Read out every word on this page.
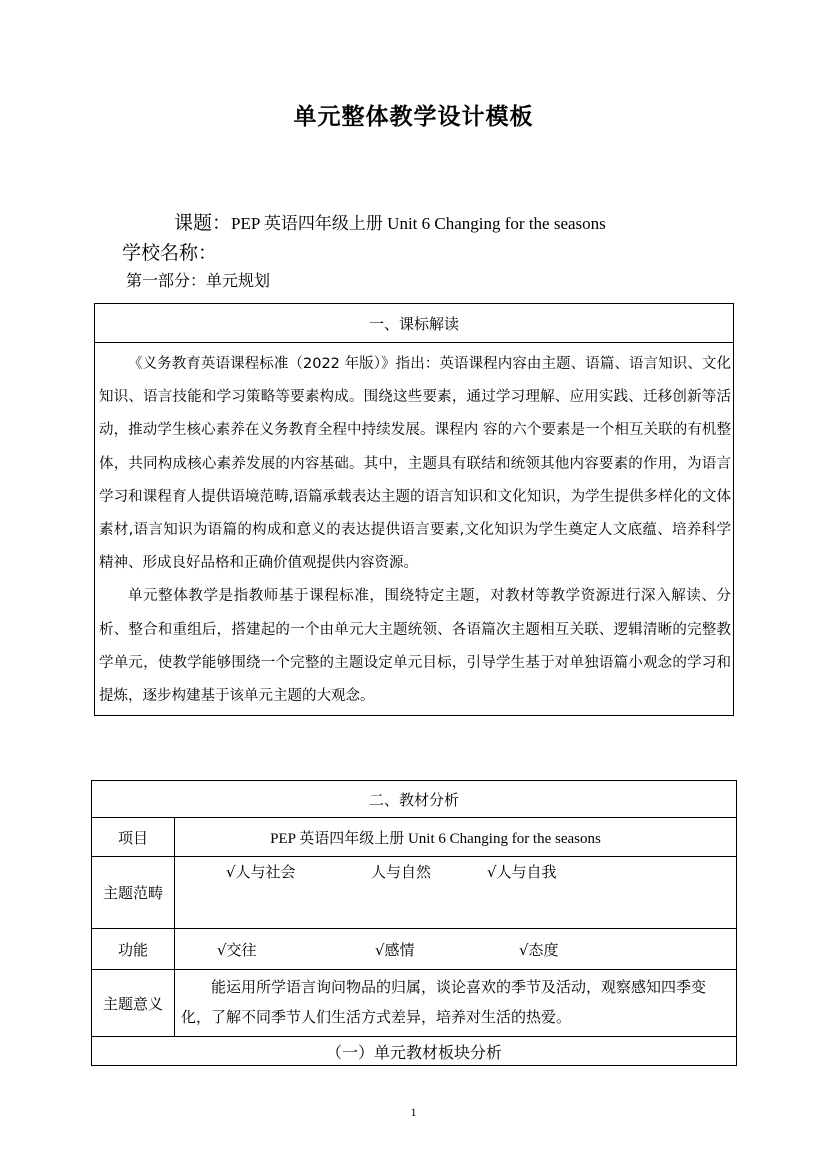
单元整体教学设计模板
课题：PEP 英语四年级上册 Unit 6 Changing for the seasons
学校名称：
第一部分：单元规划
一、课标解读

《义务教育英语课程标准（2022 年版）》指出：英语课程内容由主题、语篇、语言知识、文化知识、语言技能和学习策略等要素构成。围绕这些要素，通过学习理解、应用实践、迁移创新等活动，推动学生核心素养在义务教育全程中持续发展。课程内 容的六个要素是一个相互关联的有机整体，共同构成核心素养发展的内容基础。其中，主题具有联结和统领其他内容要素的作用，为语言学习和课程育人提供语境范畴,语篇承载表达主题的语言知识和文化知识，为学生提供多样化的文体素材,语言知识为语篇的构成和意义的表达提供语言要素,文化知识为学生奠定人文底蕴、培养科学精神、形成良好品格和正确价值观提供内容资源。

单元整体教学是指教师基于课程标准，围绕特定主题，对教材等教学资源进行深入解读、分析、整合和重组后，搭建起的一个由单元大主题统领、各语篇次主题相互关联、逻辑清晰的完整教学单元，使教学能够围绕一个完整的主题设定单元目标，引导学生基于对单独语篇小观念的学习和提炼，逐步构建基于该单元主题的大观念。

二、教材分析	
项目	PEP 英语四年级上册 Unit 6 Changing for the seasons
主题范畴	√人与社会 人与自然 √人与自我

功能	√交往 √感情 √态度

主题意义	能运用所学语言询问物品的归属，谈论喜欢的季节及活动，观察感知四季变化，了解不同季节人们生活方式差异，培养对生活的热爱。
（一）单元教材板块分析	
1
